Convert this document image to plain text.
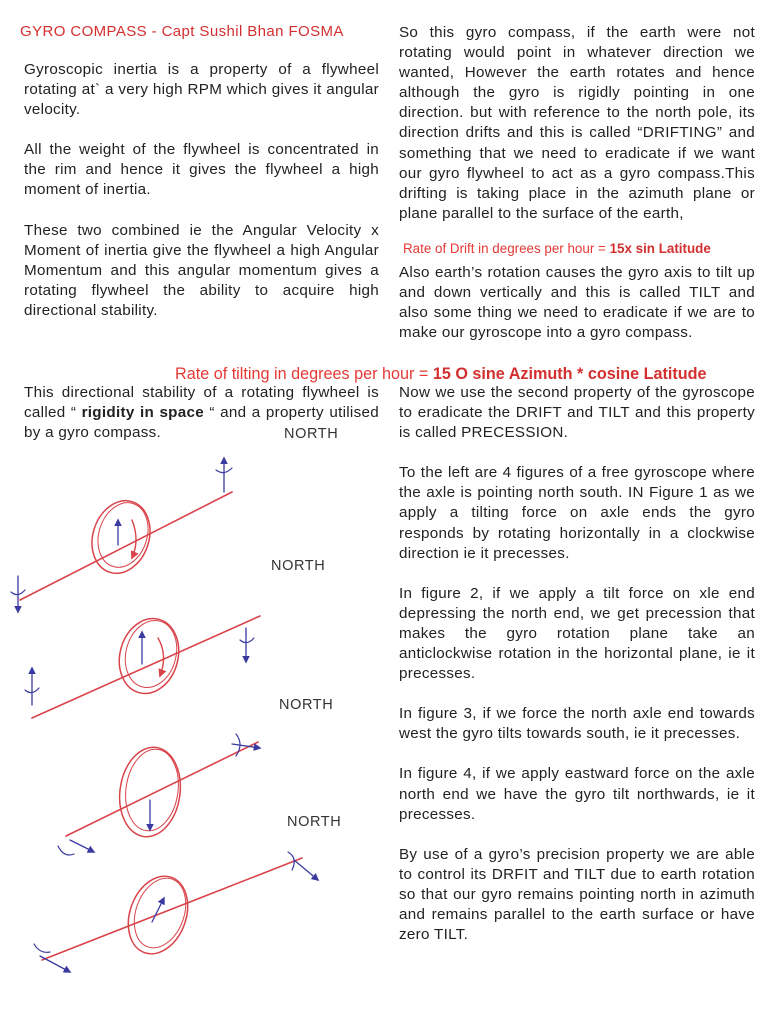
GYRO COMPASS - Capt Sushil Bhan FOSMA

Gyroscopic inertia is a property of a flywheel rotating at` a very high RPM which gives it angular velocity.

All the weight of the flywheel is concentrated in the rim and hence it gives the flywheel a high moment of inertia.

These two combined ie the Angular Velocity x Moment of inertia give the flywheel a high Angular Momentum and this angular momentum gives a rotating flywheel the ability to acquire high directional stability.

This directional stability of a rotating flywheel is called “ rigidity in space “ and a property utilised by a gyro compass.

So this gyro compass, if the earth were not rotating would point in whatever direction we wanted, However the earth rotates and hence although the gyro is rigidly pointing in one direction. but with reference to the north pole, its direction drifts and this is called “DRIFTING” and something that we need to eradicate if we want our gyro flywheel to act as a gyro compass.This drifting is taking place in the azimuth plane or plane parallel to the surface of the earth,

Rate of Drift in degrees per hour = 15x sin Latitude

Also earth’s rotation causes the gyro axis to tilt up and down vertically and this is called TILT and also some thing we need to eradicate if we are to make our gyroscope into a gyro compass.

Rate of tilting in degrees per hour = 15 O sine Azimuth * cosine Latitude

Now we use the second property of the gyroscope to eradicate the DRIFT and TILT and this property is called PRECESSION.

To the left are 4 figures of a free gyroscope where the axle is pointing north south. IN Figure 1 as we apply a tilting force on axle ends the gyro responds by rotating horizontally in a clockwise direction ie it precesses.

In figure 2, if we apply a tilt force on xle end depressing the north end, we get precession that makes the gyro rotation plane take an anticlockwise rotation in the horizontal plane, ie it precesses.

In figure 3, if we force the north axle end towards west the gyro tilts towards south, ie it precesses.

In figure 4, if we apply eastward force on the axle north end we have the gyro tilt northwards, ie it precesses.

By use of a gyro’s precision property we are able to control its DRFIT and TILT due to earth rotation so that our gyro remains pointing north in azimuth and remains parallel to the earth surface or have zero TILT.

NORTH
NORTH
NORTH
NORTH
